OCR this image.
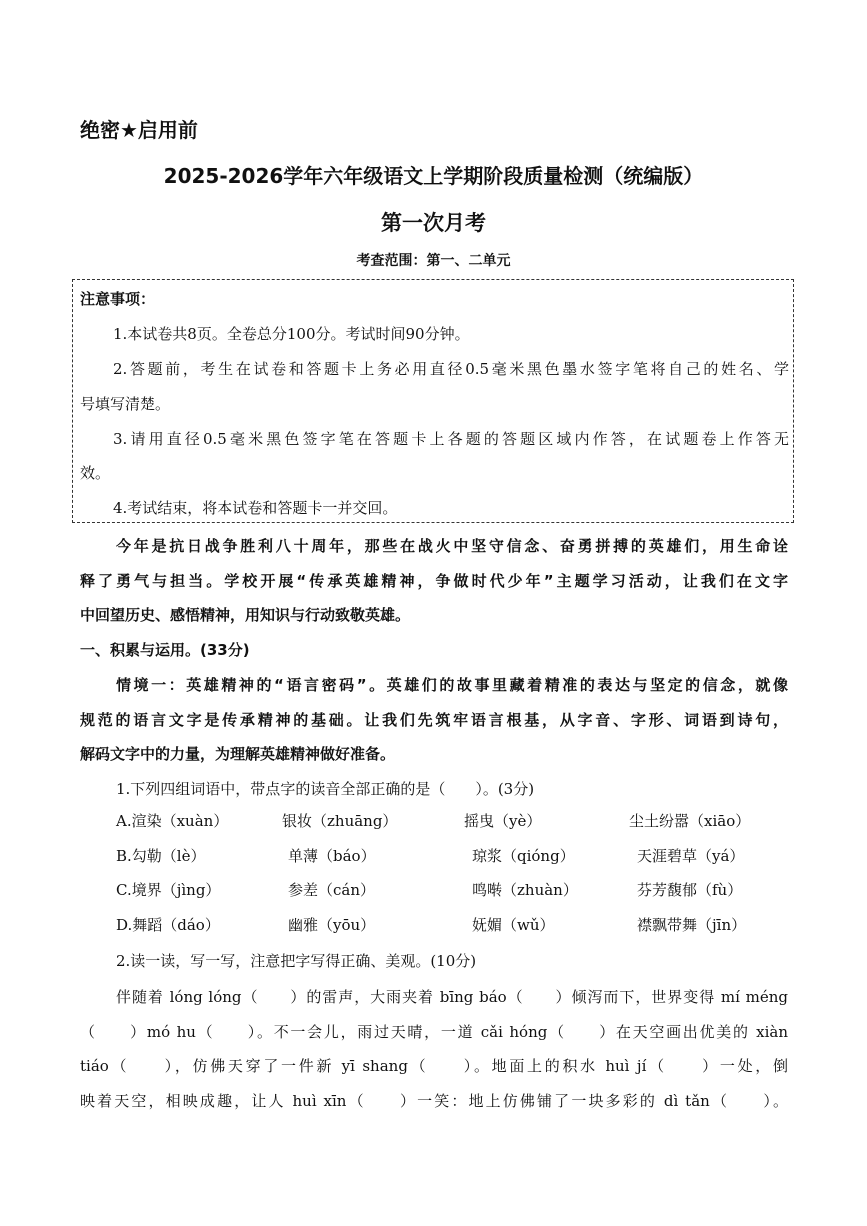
绝密★启用前
2025-2026学年六年级语文上学期阶段质量检测（统编版）
第一次月考
考查范围：第一、二单元
注意事项：
1.本试卷共8页。全卷总分100分。考试时间90分钟。
2.答题前，考生在试卷和答题卡上务必用直径0.5毫米黑色墨水签字笔将自己的姓名、学
号填写清楚。
3.请用直径0.5毫米黑色签字笔在答题卡上各题的答题区域内作答，在试题卷上作答无
效。
4.考试结束，将本试卷和答题卡一并交回。
今年是抗日战争胜利八十周年，那些在战火中坚守信念、奋勇拼搏的英雄们，用生命诠
释了勇气与担当。学校开展“传承英雄精神，争做时代少年”主题学习活动，让我们在文字
中回望历史、感悟精神，用知识与行动致敬英雄。
一、积累与运用。(33分)
情境一：英雄精神的“语言密码”。英雄们的故事里藏着精准的表达与坚定的信念，就像
规范的语言文字是传承精神的基础。让我们先筑牢语言根基，从字音、字形、词语到诗句，
解码文字中的力量，为理解英雄精神做好准备。
1.下列四组词语中，带点字的读音全部正确的是（　　）。(3分)
A.渲染（xuàn）	银妆（zhuāng）	摇曳（yè）	尘土纷嚣（xiāo）
B.勾勒（lè）	单薄（báo）	琼浆（qióng）	天涯碧草（yá）
C.境界（jìng）	参差（cán）	鸣啭（zhuàn）	芬芳馥郁（fù）
D.舞蹈（dáo）	幽雅（yōu）	妩媚（wǔ）	襟飘带舞（jīn）
2.读一读，写一写，注意把字写得正确、美观。(10分)
伴随着 lóng lóng（　　）的雷声，大雨夹着 bīng báo（　　）倾泻而下，世界变得 mí méng
（　　）mó hu（　　）。不一会儿，雨过天晴，一道 cǎi hóng（　　）在天空画出优美的 xiàn
tiáo（　　），仿佛天穿了一件新 yī shang（　　）。地面上的积水 huì jí（　　）一处，倒
映着天空，相映成趣，让人 huì xīn（　　）一笑：地上仿佛铺了一块多彩的 dì tǎn（　　）。
